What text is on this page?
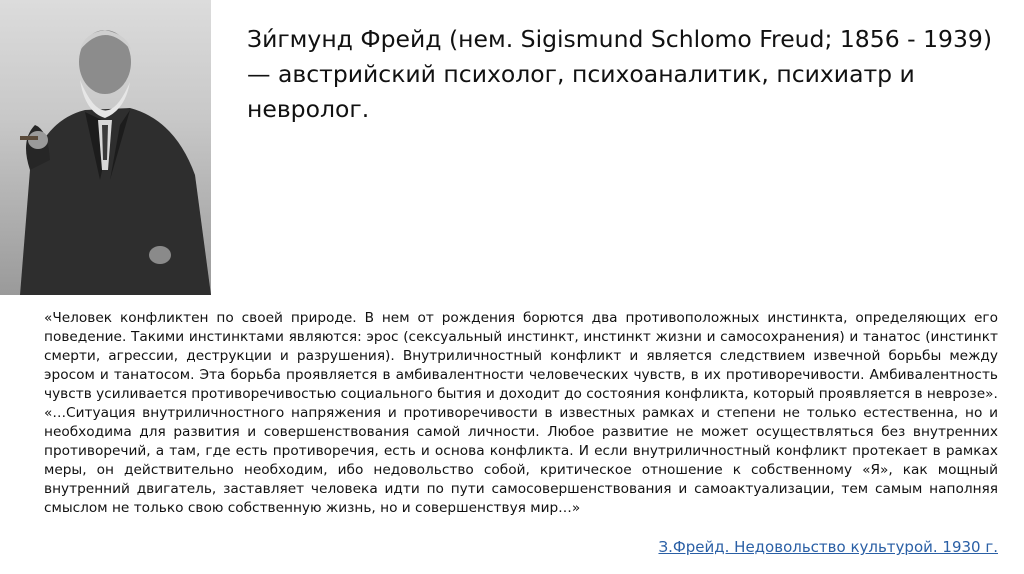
Зи́гмунд Фрейд (нем. Sigismund Schlomo Freud; 1856 - 1939) — австрийский психолог, психоаналитик, психиатр и невролог.

«Человек конфликтен по своей природе. В нем от рождения борются два противоположных инстинкта, определяющих его поведение. Такими инстинктами являются: эрос (сексуальный инстинкт, инстинкт жизни и самосохранения) и танатос (инстинкт смерти, агрессии, деструкции и разрушения). Внутриличностный конфликт и является следствием извечной борьбы между эросом и танатосом. Эта борьба проявляется в амбивалентности человеческих чувств, в их противоречивости. Амбивалентность чувств усиливается противоречивостью социального бытия и доходит до состояния конфликта, который проявляется в неврозе».

«…Ситуация внутриличностного напряжения и противоречивости в известных рамках и степени не только естественна, но и необходима для развития и совершенствования самой личности. Любое развитие не может осуществляться без внутренних противоречий, а там, где есть противоречия, есть и основа конфликта. И если внутриличностный конфликт протекает в рамках меры, он действительно необходим, ибо недовольство собой, критическое отношение к собственному «Я», как мощный внутренний двигатель, заставляет человека идти по пути самосовершенствования и самоактуализации, тем самым наполняя смыслом не только свою собственную жизнь, но и совершенствуя мир…»

З.Фрейд. Недовольство культурой. 1930 г.
